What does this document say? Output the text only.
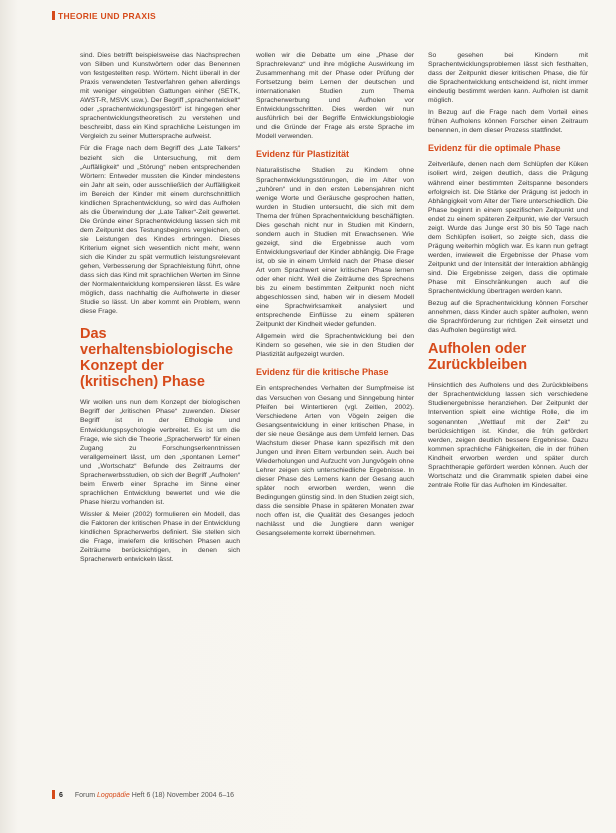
THEORIE UND PRAXIS

sind. Dies betrifft beispielsweise das Nachsprechen von Silben und Kunstwörtern oder das Benennen von festgestellten resp. Wörtern. Nicht überall in der Praxis verwendeten Testverfahren gehen allerdings mit weniger eingeübten Gattungen einher (SETK, AWST-R, MSVK usw.). Der Begriff „sprachentwickelt“ oder „sprachentwicklungsgestört“ ist hingegen eher sprachentwicklungstheoretisch zu verstehen und beschreibt, dass ein Kind sprachliche Leistungen im Vergleich zu seiner Muttersprache aufweist.

Für die Frage nach dem Begriff des „Late Talkers“ bezieht sich die Untersuchung, mit dem „Auffälligkeit“ und „Störung“ neben entsprechenden Wörtern: Entweder mussten die Kinder mindestens ein Jahr alt sein, oder ausschließlich der Auffälligkeit im Bereich der Kinder mit einem durchschnittlich kindlichen Sprachentwicklung, so wird das Aufholen als die Überwindung der „Late Talker“-Zeit gewertet. Die Gründe einer Sprachentwicklung lassen sich mit dem Zeitpunkt des Testungsbeginns vergleichen, ob sie Leistungen des Kindes erbringen. Dieses Kriterium eignet sich wesentlich nicht mehr, wenn sich die Kinder zu spät vermutlich leistungsrelevant gehen, Verbesserung der Sprachleistung führt, ohne dass sich das Kind mit sprachlichen Werten im Sinne der Normalentwicklung kompensieren lässt. Es wäre möglich, dass nachhaltig die Aufholwerte in dieser Studie so lässt. Un aber kommt ein Problem, wenn diese Frage.

Das verhaltensbiologische Konzept der (kritischen) Phase

Wir wollen uns nun dem Konzept der biologischen Begriff der „kritischen Phase“ zuwenden. Dieser Begriff ist in der Ethologie und Entwicklungspsychologie verbreitet. Es ist um die Frage, wie sich die Theorie „Spracherwerb“ für einen Zugang zu Forschungserkenntnissen verallgemeinert lässt, um den „spontanen Lerner“ und „Wortschatz“ Befunde des Zeitraums der Spracherwerbsstudien, ob sich der Begriff „Aufholen“ beim Erwerb einer Sprache im Sinne einer sprachlichen Entwicklung bewertet und wie die Phase hierzu vorhanden ist.

Wissler & Meier (2002) formulieren ein Modell, das die Faktoren der kritischen Phase in der Entwicklung kindlichen Spracherwerbs definiert. Sie stellen sich die Frage, inwiefern die kritischen Phasen auch Zeiträume berücksichtigen, in denen sich Spracherwerb entwickeln lässt.

wollen wir die Debatte um eine „Phase der Sprachrelevanz“ und ihre mögliche Auswirkung im Zusammenhang mit der Phase oder Prüfung der Fortsetzung beim Lernen der deutschen und internationalen Studien zum Thema Spracherwerbung und Aufholen vor Entwicklungsschritten. Dies werden wir nun ausführlich bei der Begriffe Entwicklungsbiologie und die Gründe der Frage als erste Sprache im Modell verwenden.

Evidenz für Plastizität

Naturalistische Studien zu Kindern ohne Sprachentwicklungsstörungen, die im Alter von „zuhören“ und in den ersten Lebensjahren nicht wenige Worte und Geräusche gesprochen hatten, wurden in Studien untersucht, die sich mit dem Thema der frühen Sprachentwicklung beschäftigten. Dies geschah nicht nur in Studien mit Kindern, sondern auch in Studien mit Erwachsenen. Wie gezeigt, sind die Ergebnisse auch vom Entwicklungsverlauf der Kinder abhängig. Die Frage ist, ob sie in einem Umfeld nach der Phase dieser Art vom Sprachwert einer kritischen Phase lernen oder eher nicht. Weil die Zeiträume des Sprechens bis zu einem bestimmten Zeitpunkt noch nicht abgeschlossen sind, haben wir in diesem Modell eine Sprachwirksamkeit analysiert und entsprechende Einflüsse zu einem späteren Zeitpunkt der Kindheit wieder gefunden.

Allgemein wird die Sprachentwicklung bei den Kindern so gesehen, wie sie in den Studien der Plastizität aufgezeigt wurden.

Evidenz für die kritische Phase

Ein entsprechendes Verhalten der Sumpfmeise ist das Versuchen von Gesang und Sinngebung hinter Pfeifen bei Wintertieren (vgl. Zeitlen, 2002). Verschiedene Arten von Vögeln zeigen die Gesangsentwicklung in einer kritischen Phase, in der sie neue Gesänge aus dem Umfeld lernen. Das Wachstum dieser Phase kann spezifisch mit den Jungen und ihren Eltern verbunden sein. Auch bei Wiederholungen und Aufzucht von Jungvögeln ohne Lehrer zeigen sich unterschiedliche Ergebnisse. In dieser Phase des Lernens kann der Gesang auch später noch erworben werden, wenn die Bedingungen günstig sind. In den Studien zeigt sich, dass die sensible Phase in späteren Monaten zwar noch offen ist, die Qualität des Gesanges jedoch nachlässt und die Jungtiere dann weniger Gesangselemente korrekt übernehmen.

So gesehen bei Kindern mit Sprachentwicklungsproblemen lässt sich festhalten, dass der Zeitpunkt dieser kritischen Phase, die für die Sprachentwicklung entscheidend ist, nicht immer eindeutig bestimmt werden kann. Aufholen ist damit möglich.

In Bezug auf die Frage nach dem Vorteil eines frühen Aufholens können Forscher einen Zeitraum benennen, in dem dieser Prozess stattfindet.

Evidenz für die optimale Phase

Zeitverläufe, denen nach dem Schlüpfen der Küken isoliert wird, zeigen deutlich, dass die Prägung während einer bestimmten Zeitspanne besonders erfolgreich ist. Die Stärke der Prägung ist jedoch in Abhängigkeit vom Alter der Tiere unterschiedlich. Die Phase beginnt in einem spezifischen Zeitpunkt und endet zu einem späteren Zeitpunkt, wie der Versuch zeigt. Wurde das Junge erst 30 bis 50 Tage nach dem Schlüpfen isoliert, so zeigte sich, dass die Prägung weiterhin möglich war. Es kann nun gefragt werden, inwieweit die Ergebnisse der Phase vom Zeitpunkt und der Intensität der Interaktion abhängig sind. Die Ergebnisse zeigen, dass die optimale Phase mit Einschränkungen auch auf die Sprachentwicklung übertragen werden kann.

Bezug auf die Sprachentwicklung können Forscher annehmen, dass Kinder auch später aufholen, wenn die Sprachförderung zur richtigen Zeit einsetzt und das Aufholen begünstigt wird.

Aufholen oder Zurückbleiben

Hinsichtlich des Aufholens und des Zurückbleibens der Sprachentwicklung lassen sich verschiedene Studienergebnisse heranziehen. Der Zeitpunkt der Intervention spielt eine wichtige Rolle, die im sogenannten „Wettlauf mit der Zeit“ zu berücksichtigen ist. Kinder, die früh gefördert werden, zeigen deutlich bessere Ergebnisse. Dazu kommen sprachliche Fähigkeiten, die in der frühen Kindheit erworben werden und später durch Sprachtherapie gefördert werden können. Auch der Wortschatz und die Grammatik spielen dabei eine zentrale Rolle für das Aufholen im Kindesalter.

6 Forum Logopädie Heft 6 (18) November 2004 6–16
